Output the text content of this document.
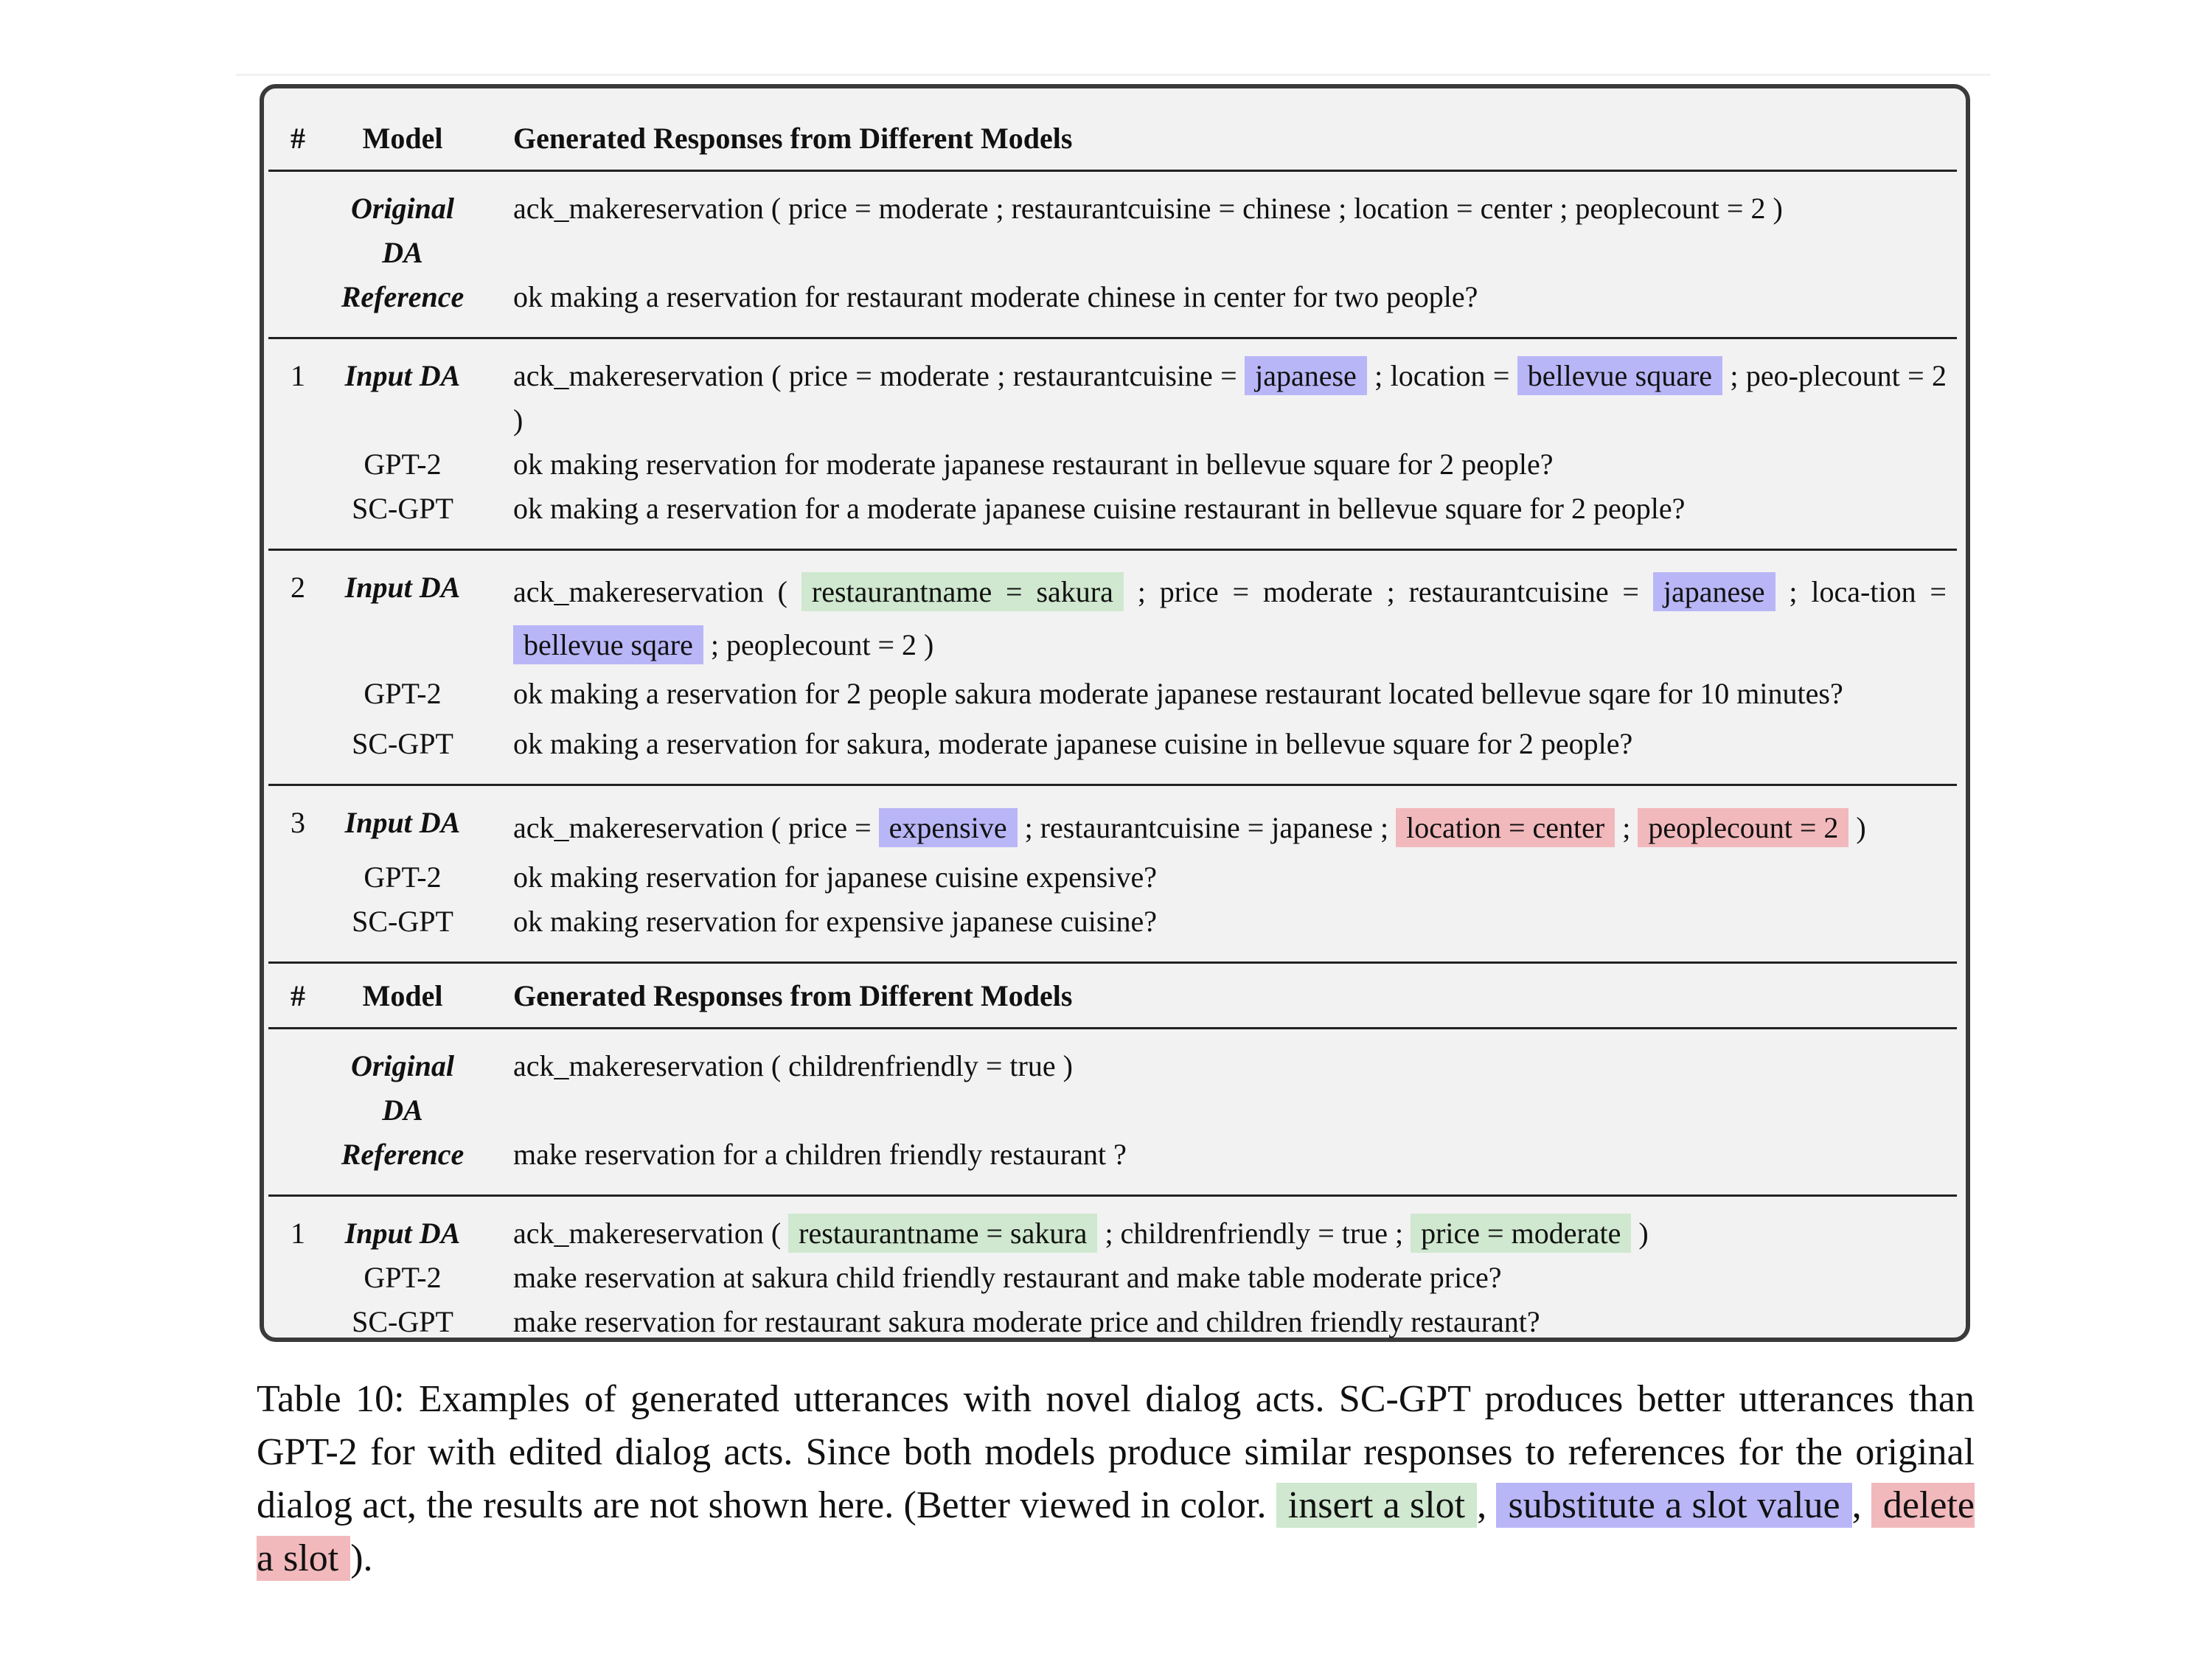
#	Model	Generated Responses from Different Models
	Original DA	ack_makereservation ( price = moderate ; restaurantcuisine = chinese ; location = center ; peoplecount = 2 )
	Reference	ok making a reservation for restaurant moderate chinese in center for two people?
1	Input DA	ack_makereservation ( price = moderate ; restaurantcuisine = japanese ; location = bellevue square ; peo-plecount = 2 )
	GPT-2	ok making reservation for moderate japanese restaurant in bellevue square for 2 people?
	SC-GPT	ok making a reservation for a moderate japanese cuisine restaurant in bellevue square for 2 people?
2	Input DA	ack_makereservation ( restaurantname = sakura ; price = moderate ; restaurantcuisine = japanese ; loca-tion = bellevue sqare ; peoplecount = 2 )
	GPT-2	ok making a reservation for 2 people sakura moderate japanese restaurant located bellevue sqare for 10 minutes?
	SC-GPT	ok making a reservation for sakura, moderate japanese cuisine in bellevue square for 2 people?
3	Input DA	ack_makereservation ( price = expensive ; restaurantcuisine = japanese ; location = center ; peoplecount = 2 )
	GPT-2	ok making reservation for japanese cuisine expensive?
	SC-GPT	ok making reservation for expensive japanese cuisine?
#	Model	Generated Responses from Different Models
	Original DA	ack_makereservation ( childrenfriendly = true )
	Reference	make reservation for a children friendly restaurant ?
1	Input DA	ack_makereservation ( restaurantname = sakura ; childrenfriendly = true ; price = moderate )
	GPT-2	make reservation at sakura child friendly restaurant and make table moderate price?
	SC-GPT	make reservation for restaurant sakura moderate price and children friendly restaurant?
Table 10: Examples of generated utterances with novel dialog acts. SC-GPT produces better utterances than GPT-2 for with edited dialog acts. Since both models produce similar responses to references for the original dialog act, the results are not shown here. (Better viewed in color. insert a slot , substitute a slot value , delete a slot ).
